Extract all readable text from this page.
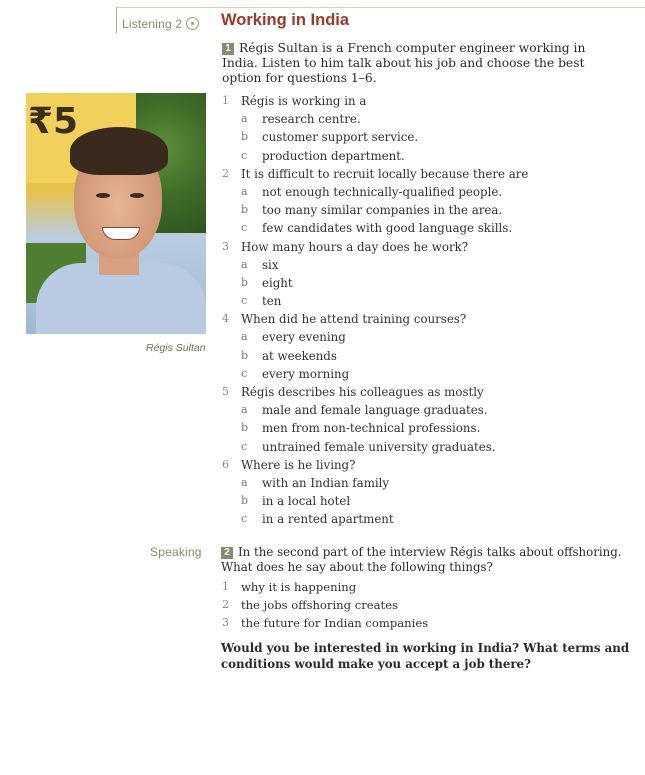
Listening 2	Working in India
₹5
Régis Sultan
1 Régis Sultan is a French computer engineer working in India. Listen to him talk about his job and choose the best option for questions 1–6.
1	Régis is working in a
a research centre.
b customer support service.
c production department.
2	It is difficult to recruit locally because there are
a not enough technically-qualified people.
b too many similar companies in the area.
c few candidates with good language skills.
3	How many hours a day does he work?
a six
b eight
c ten
4	When did he attend training courses?
a every evening
b at weekends
c every morning
5	Régis describes his colleagues as mostly
a male and female language graduates.
b men from non-technical professions.
c untrained female university graduates.
6	Where is he living?
a with an Indian family
b in a local hotel
c in a rented apartment
Speaking	2 In the second part of the interview Régis talks about offshoring. What does he say about the following things?
1 why it is happening
2 the jobs offshoring creates
3 the future for Indian companies
Would you be interested in working in India? What terms and conditions would make you accept a job there?
